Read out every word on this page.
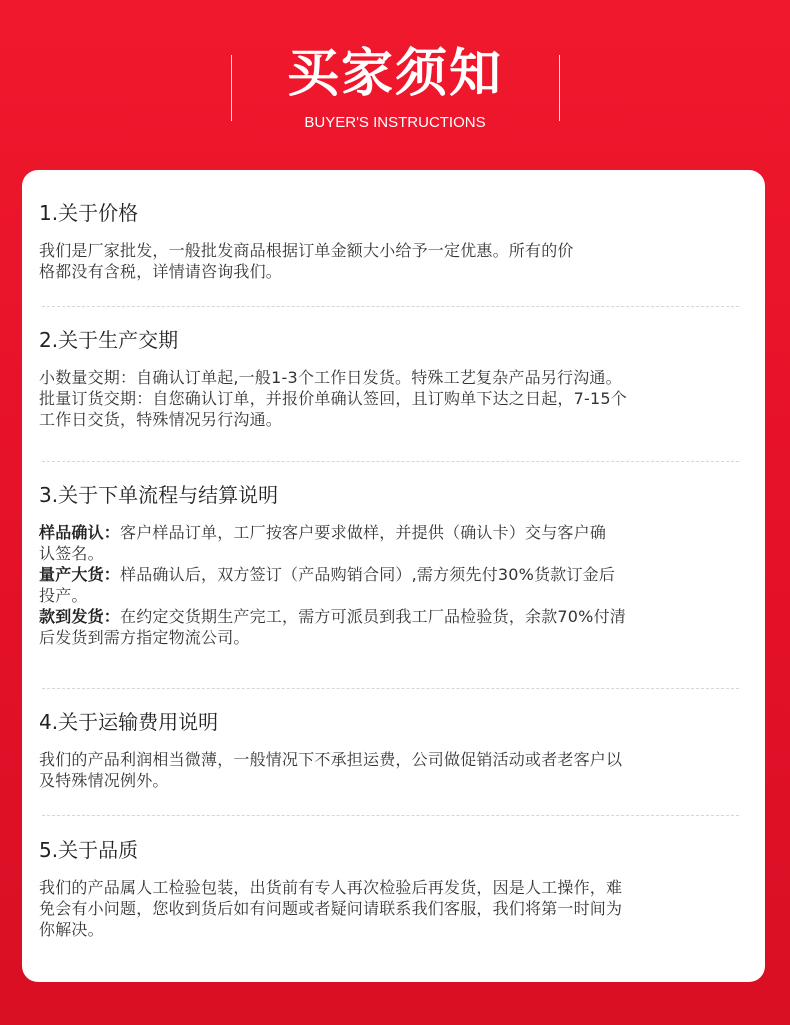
买家须知
BUYER'S INSTRUCTIONS
1.关于价格

我们是厂家批发，一般批发商品根据订单金额大小给予一定优惠。所有的价

格都没有含税，详情请咨询我们。

2.关于生产交期

小数量交期：自确认订单起,一般1-3个工作日发货。特殊工艺复杂产品另行沟通。

批量订货交期：自您确认订单，并报价单确认签回，且订购单下达之日起，7-15个

工作日交货，特殊情况另行沟通。

3.关于下单流程与结算说明

样品确认：客户样品订单，工厂按客户要求做样，并提供（确认卡）交与客户确

认签名。

量产大货：样品确认后，双方签订（产品购销合同）,需方须先付30%货款订金后

投产。

款到发货：在约定交货期生产完工，需方可派员到我工厂品检验货，余款70%付清

后发货到需方指定物流公司。

4.关于运输费用说明

我们的产品利润相当微薄，一般情况下不承担运费，公司做促销活动或者老客户以

及特殊情况例外。

5.关于品质

我们的产品属人工检验包装，出货前有专人再次检验后再发货，因是人工操作，难

免会有小问题，您收到货后如有问题或者疑问请联系我们客服，我们将第一时间为

你解决。
